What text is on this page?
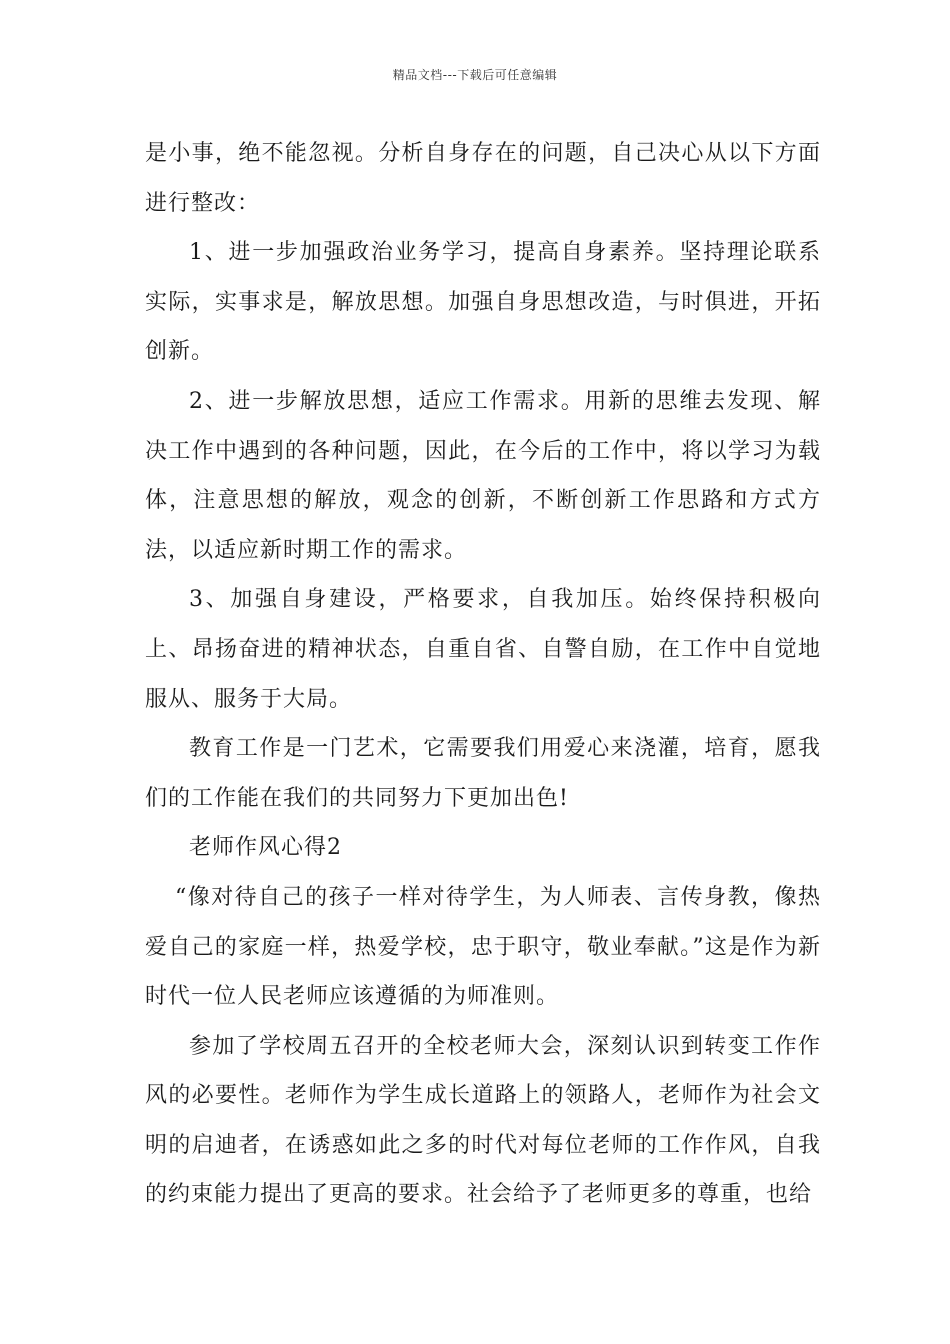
精品文档---下载后可任意编辑

是小事，绝不能忽视。分析自身存在的问题，自己决心从以下方面进行整改：

1、进一步加强政治业务学习，提高自身素养。坚持理论联系实际，实事求是，解放思想。加强自身思想改造，与时俱进，开拓创新。

2、进一步解放思想，适应工作需求。用新的思维去发现、解决工作中遇到的各种问题，因此，在今后的工作中，将以学习为载体，注意思想的解放，观念的创新，不断创新工作思路和方式方法，以适应新时期工作的需求。

3、加强自身建设，严格要求，自我加压。始终保持积极向上、昂扬奋进的精神状态，自重自省、自警自励，在工作中自觉地服从、服务于大局。

教育工作是一门艺术，它需要我们用爱心来浇灌，培育，愿我们的工作能在我们的共同努力下更加出色!

老师作风心得2

“像对待自己的孩子一样对待学生，为人师表、言传身教，像热爱自己的家庭一样，热爱学校，忠于职守，敬业奉献。”这是作为新时代一位人民老师应该遵循的为师准则。

参加了学校周五召开的全校老师大会，深刻认识到转变工作作风的必要性。老师作为学生成长道路上的领路人，老师作为社会文明的启迪者，在诱惑如此之多的时代对每位老师的工作作风，自我的约束能力提出了更高的要求。社会给予了老师更多的尊重，也给
